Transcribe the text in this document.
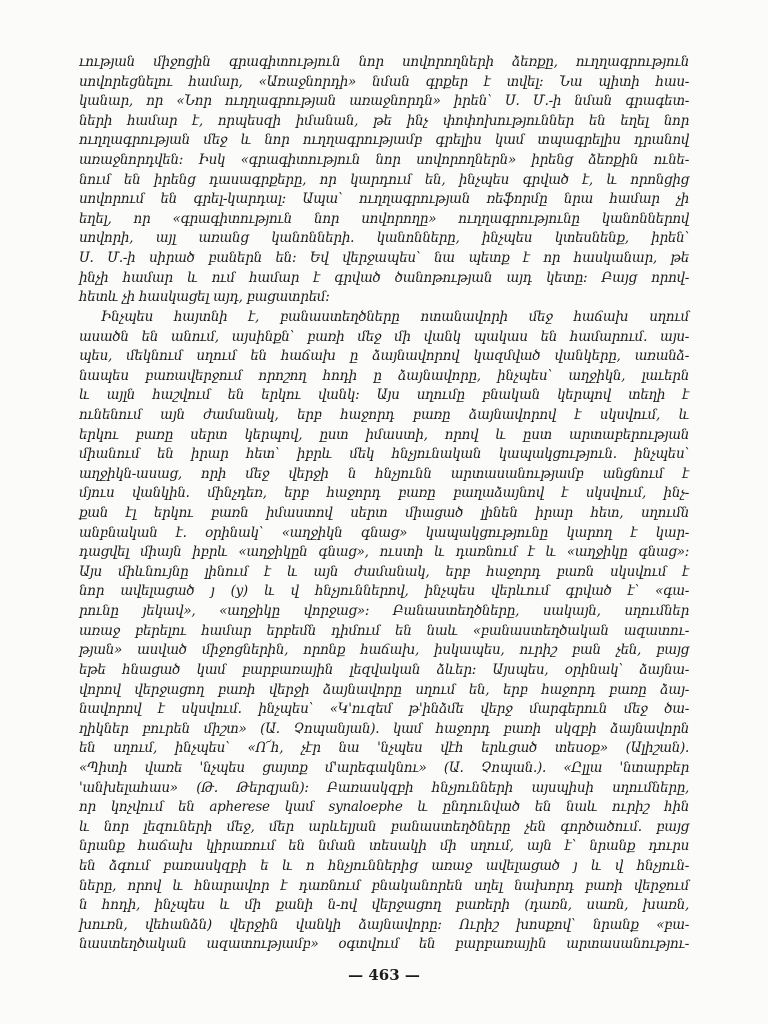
ւության միջոցին գրագիտություն նոր սովորողների ձեռքը, ուղղագրություն
սովորեցնելու համար, «Առաջնորդի» նման գրքեր է տվել: Նա պիտի հաս-
կանար, որ «Նոր ուղղագրության առաջնորդն» իրեն՝ Ս. Մ.-ի նման գրագետ-
ների համար է, որպեսզի իմանան, թե ինչ փոփոխություններ են եղել նոր
ուղղագրության մեջ և նոր ուղղագրությամբ գրելիս կամ տպագրելիս դրանով
առաջնորդվեն: Իսկ «գրագիտություն նոր սովորողներն» իրենց ձեռքին ունե-
նում են իրենց դասագրքերը, որ կարդում են, ինչպես գրված է, և որոնցից
սովորում են գրել-կարդալ: Ապա՝ ուղղագրության ռեֆորմը նրա համար չի
եղել, որ «գրագիտություն նոր սովորողը» ուղղագրությունը կանոններով
սովորի, այլ առանց կանոնների. կանոնները, ինչպես կտեսնենք, իրեն՝
Ս. Մ.-ի սիրած բաներն են: Եվ վերջապես՝ նա պետք է որ հասկանար, թե
ինչի համար և ում համար է գրված ծանոթության այդ կետը: Բայց որով-
հետև չի հասկացել այդ, բացատրեմ:
Ինչպես հայտնի է, բանաստեղծները ոտանավորի մեջ հաճախ սղում
ասածն են անում, այսինքն՝ բառի մեջ մի վանկ պակաս են համարում. այս-
պես, մեկնում սղում են հաճախ ը ձայնավորով կազմված վանկերը, առանձ-
նապես բառավերջում որոշող հոդի ը ձայնավորը, ինչպես՝ աղջիկն, լաւերն
և այլն հաշվում են երկու վանկ: Այս սղումը բնական կերպով տեղի է
ունենում այն ժամանակ, երբ հաջորդ բառը ձայնավորով է սկսվում, և
երկու բառը սերտ կերպով, ըստ իմաստի, որով և ըստ արտաբերության
միանում են իրար հետ՝ իբրև մեկ հնչյունական կապակցություն. ինչպես՝
աղջիկն-ասաց, որի մեջ վերջի ն հնչյունն արտասանությամբ անցնում է
մյուս վանկին. մինչդեռ, երբ հաջորդ բառը բաղաձայնով է սկսվում, ինչ-
քան էլ երկու բառն իմաստով սերտ միացած լինեն իրար հետ, սղումն
անբնական է. օրինակ՝ «աղջիկն գնաց» կապակցությունը կարող է կար-
դացվել միայն իբրև «աղջիկըն գնաց», ուստի և դառնում է և «աղջիկը գնաց»:
Այս միևնույնը լինում է և այն ժամանակ, երբ հաջորդ բառն սկսվում է
նոր ավելացած յ (y) և վ հնչյուններով, ինչպես վերևում գրված է՝ «գա-
րունը յեկավ», «աղջիկը վորջաց»: Բանաստեղծները, սակայն, սղումներ
առաջ բերելու համար երբեմն դիմում են նաև «բանաստեղծական ազատու-
թյան» ասված միջոցներին, որոնք հաճախ, իսկապես, ուրիշ բան չեն, բայց
եթե հնացած կամ բարբառային լեզվական ձևեր: Այսպես, օրինակ՝ ձայնա-
վորով վերջացող բառի վերջի ձայնավորը սղում են, երբ հաջորդ բառը ձայ-
նավորով է սկսվում. ինչպես՝ «Կ'ուզեմ թ'ինձմե վերջ մարգերուն մեջ ծա-
ղիկներ բուրեն միշտ» (Ա. Չոպանյան). կամ հաջորդ բառի սկզբի ձայնավորն
են սղում, ինչպես՝ «Ո՜հ, չէր նա 'նչպես վէհ երևցած տեսօք» (Ալիշան).
«Պիտի վառե 'նչպես ցայտք մ'արեգակնու» (Ա. Չոպան.). «Ըլլա 'նտարբեր
'անխելահաս» (Թ. Թերզյան): Բառասկզբի հնչյունների այսպիսի սղումները,
որ կոչվում են apherese կամ synaloephe և ընդունված են նաև ուրիշ հին
և նոր լեզուների մեջ, մեր արևելյան բանաստեղծները չեն գործածում. բայց
նրանք հաճախ կիրառում են նման տեսակի մի սղում, այն է՝ նրանք դուրս
են ձգում բառասկզբի ե և ո հնչյուններից առաջ ավելացած յ և վ հնչյուն-
ները, որով և հնարավոր է դառնում բնականորեն սղել նախորդ բառի վերջում
ն հոդի, ինչպես և մի քանի ն-ով վերջացող բառերի (դառն, սառն, խառն,
խուռն, վեհանձն) վերջին վանկի ձայնավորը: Ուրիշ խոսքով՝ նրանք «բա-
նաստեղծական ազատությամբ» օգտվում են բարբառային արտասանությու-
— 463 —
